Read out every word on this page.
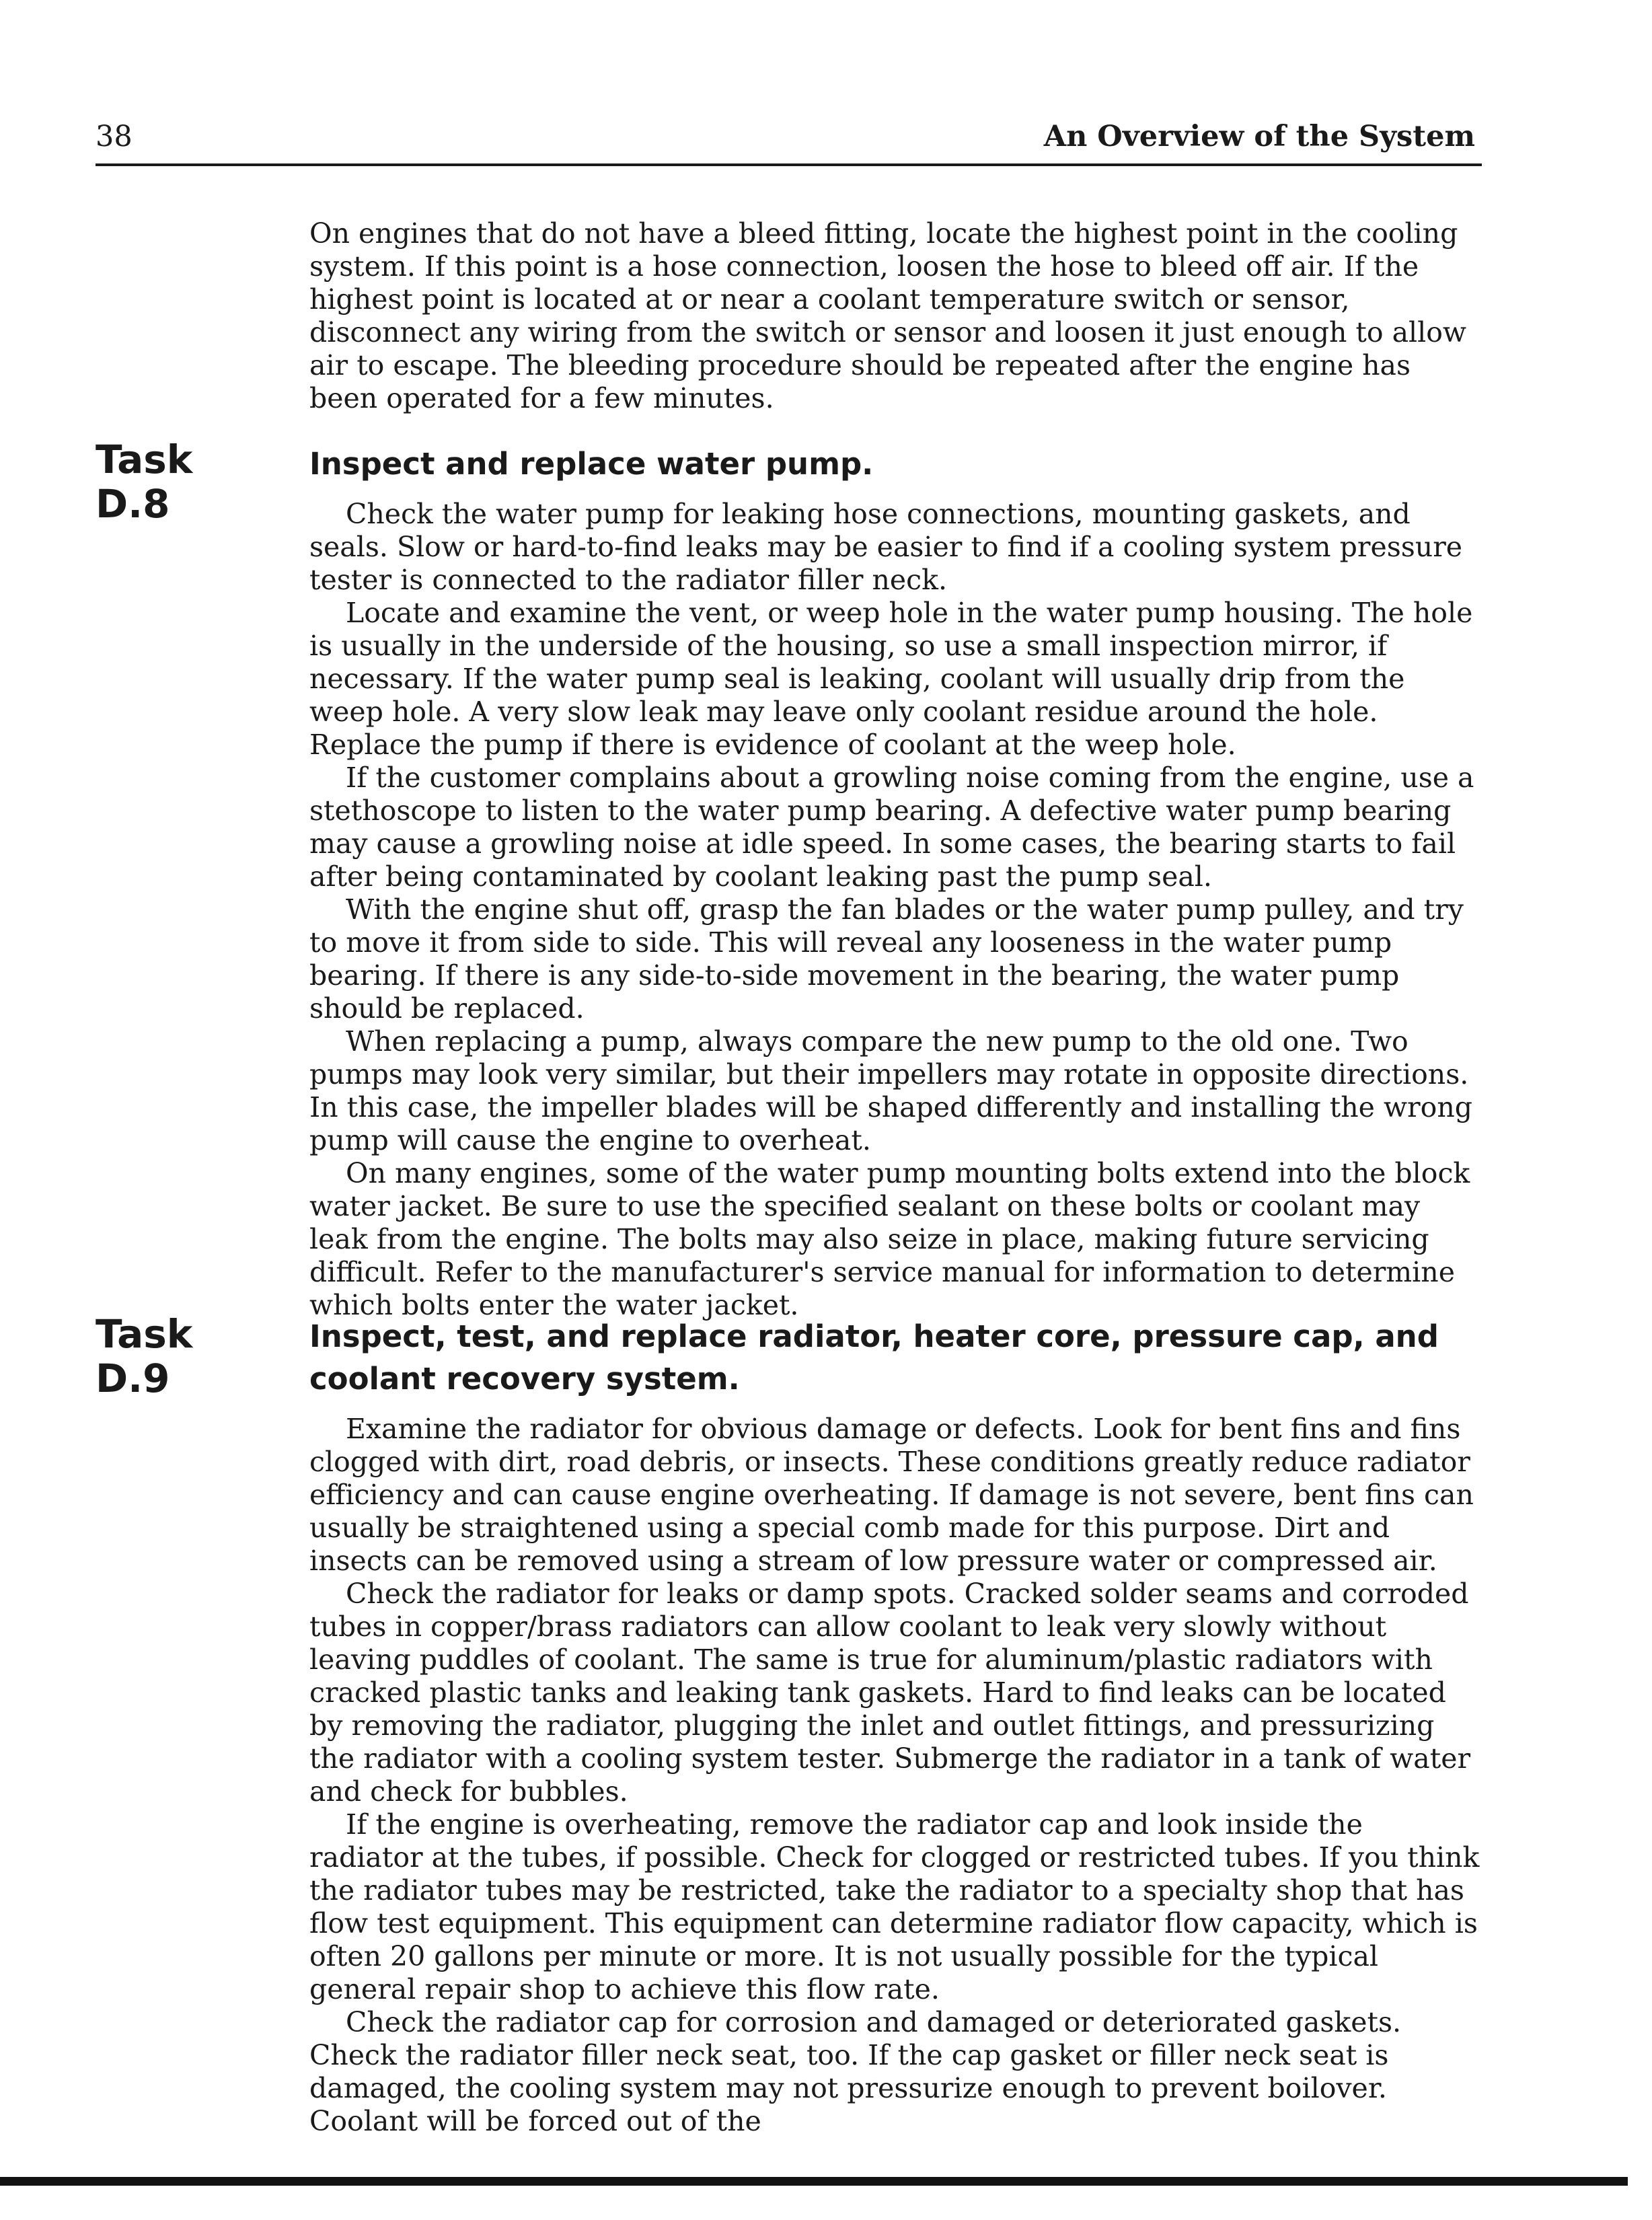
38	An Overview of the System

On engines that do not have a bleed fitting, locate the highest point in the cooling system. If this point is a hose connection, loosen the hose to bleed off air. If the highest point is located at or near a coolant temperature switch or sensor, disconnect any wiring from the switch or sensor and loosen it just enough to allow air to escape. The bleeding procedure should be repeated after the engine has been operated for a few minutes.

Task
D.8
Inspect and replace water pump.

Check the water pump for leaking hose connections, mounting gaskets, and seals. Slow or hard-to-find leaks may be easier to find if a cooling system pressure tester is connected to the radiator filler neck.

Locate and examine the vent, or weep hole in the water pump housing. The hole is usually in the underside of the housing, so use a small inspection mirror, if necessary. If the water pump seal is leaking, coolant will usually drip from the weep hole. A very slow leak may leave only coolant residue around the hole. Replace the pump if there is evidence of coolant at the weep hole.

If the customer complains about a growling noise coming from the engine, use a stethoscope to listen to the water pump bearing. A defective water pump bearing may cause a growling noise at idle speed. In some cases, the bearing starts to fail after being contaminated by coolant leaking past the pump seal.

With the engine shut off, grasp the fan blades or the water pump pulley, and try to move it from side to side. This will reveal any looseness in the water pump bearing. If there is any side-to-side movement in the bearing, the water pump should be replaced.

When replacing a pump, always compare the new pump to the old one. Two pumps may look very similar, but their impellers may rotate in opposite directions. In this case, the impeller blades will be shaped differently and installing the wrong pump will cause the engine to overheat.

On many engines, some of the water pump mounting bolts extend into the block water jacket. Be sure to use the specified sealant on these bolts or coolant may leak from the engine. The bolts may also seize in place, making future servicing difficult. Refer to the manufacturer's service manual for information to determine which bolts enter the water jacket.

Task
D.9
Inspect, test, and replace radiator, heater core, pressure cap, and coolant recovery system.

Examine the radiator for obvious damage or defects. Look for bent fins and fins clogged with dirt, road debris, or insects. These conditions greatly reduce radiator efficiency and can cause engine overheating. If damage is not severe, bent fins can usually be straightened using a special comb made for this purpose. Dirt and insects can be removed using a stream of low pressure water or compressed air.

Check the radiator for leaks or damp spots. Cracked solder seams and corroded tubes in copper/brass radiators can allow coolant to leak very slowly without leaving puddles of coolant. The same is true for aluminum/plastic radiators with cracked plastic tanks and leaking tank gaskets. Hard to find leaks can be located by removing the radiator, plugging the inlet and outlet fittings, and pressurizing the radiator with a cooling system tester. Submerge the radiator in a tank of water and check for bubbles.

If the engine is overheating, remove the radiator cap and look inside the radiator at the tubes, if possible. Check for clogged or restricted tubes. If you think the radiator tubes may be restricted, take the radiator to a specialty shop that has flow test equipment. This equipment can determine radiator flow capacity, which is often 20 gallons per minute or more. It is not usually possible for the typical general repair shop to achieve this flow rate.

Check the radiator cap for corrosion and damaged or deteriorated gaskets. Check the radiator filler neck seat, too. If the cap gasket or filler neck seat is damaged, the cooling system may not pressurize enough to prevent boilover. Coolant will be forced out of the
